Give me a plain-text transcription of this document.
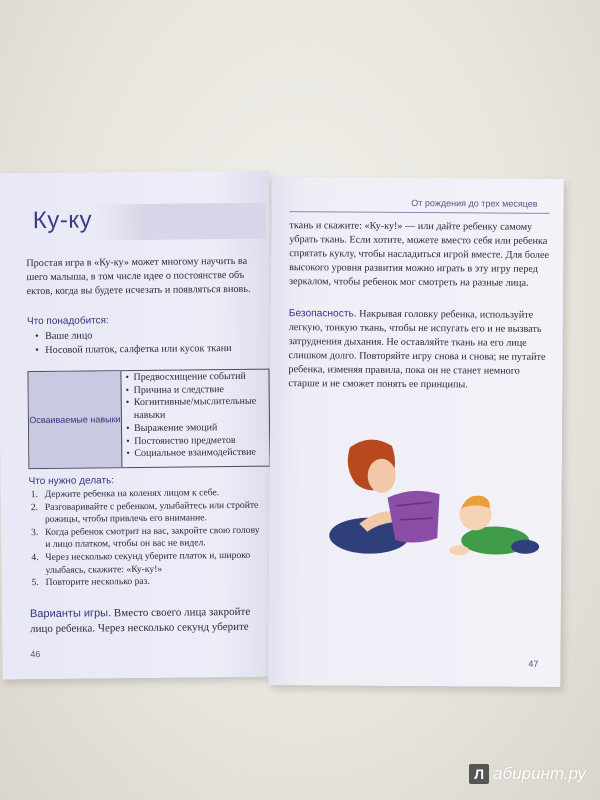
Ку-ку
Простая игра в «Ку-ку» может многому научить ва шего малыша, в том числе идее о постоянстве объ ектов, когда вы будете исчезать и появляться вновь.
Что понадобится:
• Ваше лицо
• Носовой платок, салфетка или кусок ткани
Осваиваемые навыки
• Предвосхищение событий
• Причина и следствие
• Когнитивные/мыслительные навыки
• Выражение эмоций
• Постоянство предметов
• Социальное взаимодействие
Что нужно делать:
1. Держите ребенка на коленях лицом к себе.
2. Разговаривайте с ребенком, улыбайтесь или стройте рожицы, чтобы привлечь его внимание.
3. Когда ребенок смотрит на вас, закройте свою голову и лицо платком, чтобы он вас не видел.
4. Через несколько секунд уберите платок и, широко улыбаясь, скажите: «Ку-ку!»
5. Повторите несколько раз.
Варианты игры. Вместо своего лица закройте лицо ребенка. Через несколько секунд уберите
46
От рождения до трех месяцев
ткань и скажите: «Ку-ку!» — или дайте ребенку самому убрать ткань. Если хотите, можете вместо себя или ребенка спрятать куклу, чтобы насладиться игрой вместе. Для более высокого уровня развития можно играть в эту игру перед зеркалом, чтобы ребенок мог смотреть на разные лица.
Безопасность. Накрывая головку ребенка, используйте легкую, тонкую ткань, чтобы не испугать его и не вызвать затруднения дыхания. Не оставляйте ткань на его лице слишком долго. Повторяйте игру снова и снова; не путайте ребенка, изменяя правила, пока он не станет немного старше и не сможет понять ее принципы.
47
Л абиринт.ру
